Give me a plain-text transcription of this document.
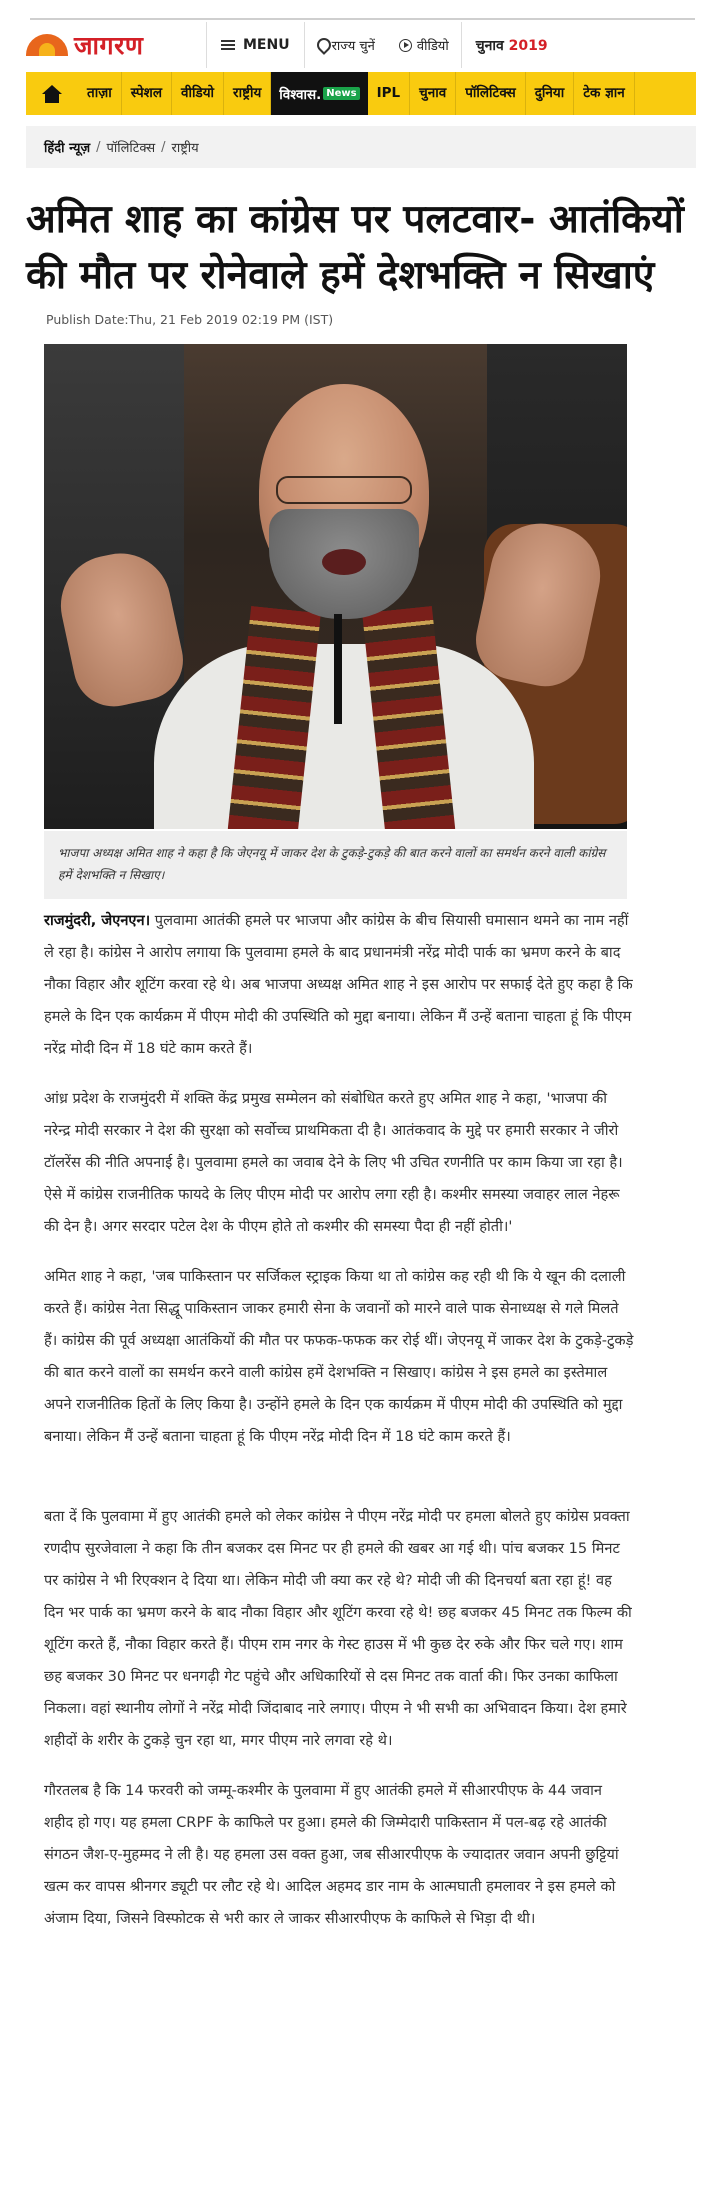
जागरण	MENU	राज्य चुनें	वीडियो	चुनाव 2019
ताज़ा	स्पेशल	वीडियो	राष्ट्रीय	विश्वास. News	IPL	चुनाव	पॉलिटिक्स	दुनिया	टेक ज्ञान
हिंदी न्यूज़ / पॉलिटिक्स / राष्ट्रीय
अमित शाह का कांग्रेस पर पलटवार- आतंकियों की मौत पर रोनेवाले हमें देशभक्ति न सिखाएं
Publish Date:Thu, 21 Feb 2019 02:19 PM (IST)
भाजपा अध्यक्ष अमित शाह ने कहा है कि जेएनयू में जाकर देश के टुकड़े-टुकड़े की बात करने वालों का समर्थन करने वाली कांग्रेस हमें देशभक्ति न सिखाए।

राजमुंदरी, जेएनएन। पुलवामा आतंकी हमले पर भाजपा और कांग्रेस के बीच सियासी घमासान थमने का नाम नहीं ले रहा है। कांग्रेस ने आरोप लगाया कि पुलवामा हमले के बाद प्रधानमंत्री नरेंद्र मोदी पार्क का भ्रमण करने के बाद नौका विहार और शूटिंग करवा रहे थे। अब भाजपा अध्यक्ष अमित शाह ने इस आरोप पर सफाई देते हुए कहा है कि हमले के दिन एक कार्यक्रम में पीएम मोदी की उपस्थिति को मुद्दा बनाया। लेकिन मैं उन्हें बताना चाहता हूं कि पीएम नरेंद्र मोदी दिन में 18 घंटे काम करते हैं।

आंध्र प्रदेश के राजमुंदरी में शक्ति केंद्र प्रमुख सम्मेलन को संबोधित करते हुए अमित शाह ने कहा, 'भाजपा की नरेन्द्र मोदी सरकार ने देश की सुरक्षा को सर्वोच्च प्राथमिकता दी है। आतंकवाद के मुद्दे पर हमारी सरकार ने जीरो टॉलरेंस की नीति अपनाई है। पुलवामा हमले का जवाब देने के लिए भी उचित रणनीति पर काम किया जा रहा है। ऐसे में कांग्रेस राजनीतिक फायदे के लिए पीएम मोदी पर आरोप लगा रही है। कश्मीर समस्या जवाहर लाल नेहरू की देन है। अगर सरदार पटेल देश के पीएम होते तो कश्मीर की समस्या पैदा ही नहीं होती।'

अमित शाह ने कहा, 'जब पाकिस्तान पर सर्जिकल स्ट्राइक किया था तो कांग्रेस कह रही थी कि ये खून की दलाली करते हैं। कांग्रेस नेता सिद्धू पाकिस्तान जाकर हमारी सेना के जवानों को मारने वाले पाक सेनाध्यक्ष से गले मिलते हैं। कांग्रेस की पूर्व अध्यक्षा आतंकियों की मौत पर फफक-फफक कर रोई थीं। जेएनयू में जाकर देश के टुकड़े-टुकड़े की बात करने वालों का समर्थन करने वाली कांग्रेस हमें देशभक्ति न सिखाए। कांग्रेस ने इस हमले का इस्तेमाल अपने राजनीतिक हितों के लिए किया है। उन्होंने हमले के दिन एक कार्यक्रम में पीएम मोदी की उपस्थिति को मुद्दा बनाया। लेकिन मैं उन्हें बताना चाहता हूं कि पीएम नरेंद्र मोदी दिन में 18 घंटे काम करते हैं।

बता दें कि पुलवामा में हुए आतंकी हमले को लेकर कांग्रेस ने पीएम नरेंद्र मोदी पर हमला बोलते हुए कांग्रेस प्रवक्ता रणदीप सुरजेवाला ने कहा कि तीन बजकर दस मिनट पर ही हमले की खबर आ गई थी। पांच बजकर 15 मिनट पर कांग्रेस ने भी रिएक्शन दे दिया था। लेकिन मोदी जी क्या कर रहे थे? मोदी जी की दिनचर्या बता रहा हूं! वह दिन भर पार्क का भ्रमण करने के बाद नौका विहार और शूटिंग करवा रहे थे! छह बजकर 45 मिनट तक फिल्म की शूटिंग करते हैं, नौका विहार करते हैं। पीएम राम नगर के गेस्ट हाउस में भी कुछ देर रुके और फिर चले गए। शाम छह बजकर 30 मिनट पर धनगढ़ी गेट पहुंचे और अधिकारियों से दस मिनट तक वार्ता की। फिर उनका काफिला निकला। वहां स्थानीय लोगों ने नरेंद्र मोदी जिंदाबाद नारे लगाए। पीएम ने भी सभी का अभिवादन किया। देश हमारे शहीदों के शरीर के टुकड़े चुन रहा था, मगर पीएम नारे लगवा रहे थे।

गौरतलब है कि 14 फरवरी को जम्मू-कश्मीर के पुलवामा में हुए आतंकी हमले में सीआरपीएफ के 44 जवान शहीद हो गए। यह हमला CRPF के काफिले पर हुआ। हमले की जिम्मेदारी पाकिस्तान में पल-बढ़ रहे आतंकी संगठन जैश-ए-मुहम्मद ने ली है। यह हमला उस वक्त हुआ, जब सीआरपीएफ के ज्यादातर जवान अपनी छुट्टियां खत्म कर वापस श्रीनगर ड्यूटी पर लौट रहे थे। आदिल अहमद डार नाम के आत्मघाती हमलावर ने इस हमले को अंजाम दिया, जिसने विस्फोटक से भरी कार ले जाकर सीआरपीएफ के काफिले से भिड़ा दी थी।
